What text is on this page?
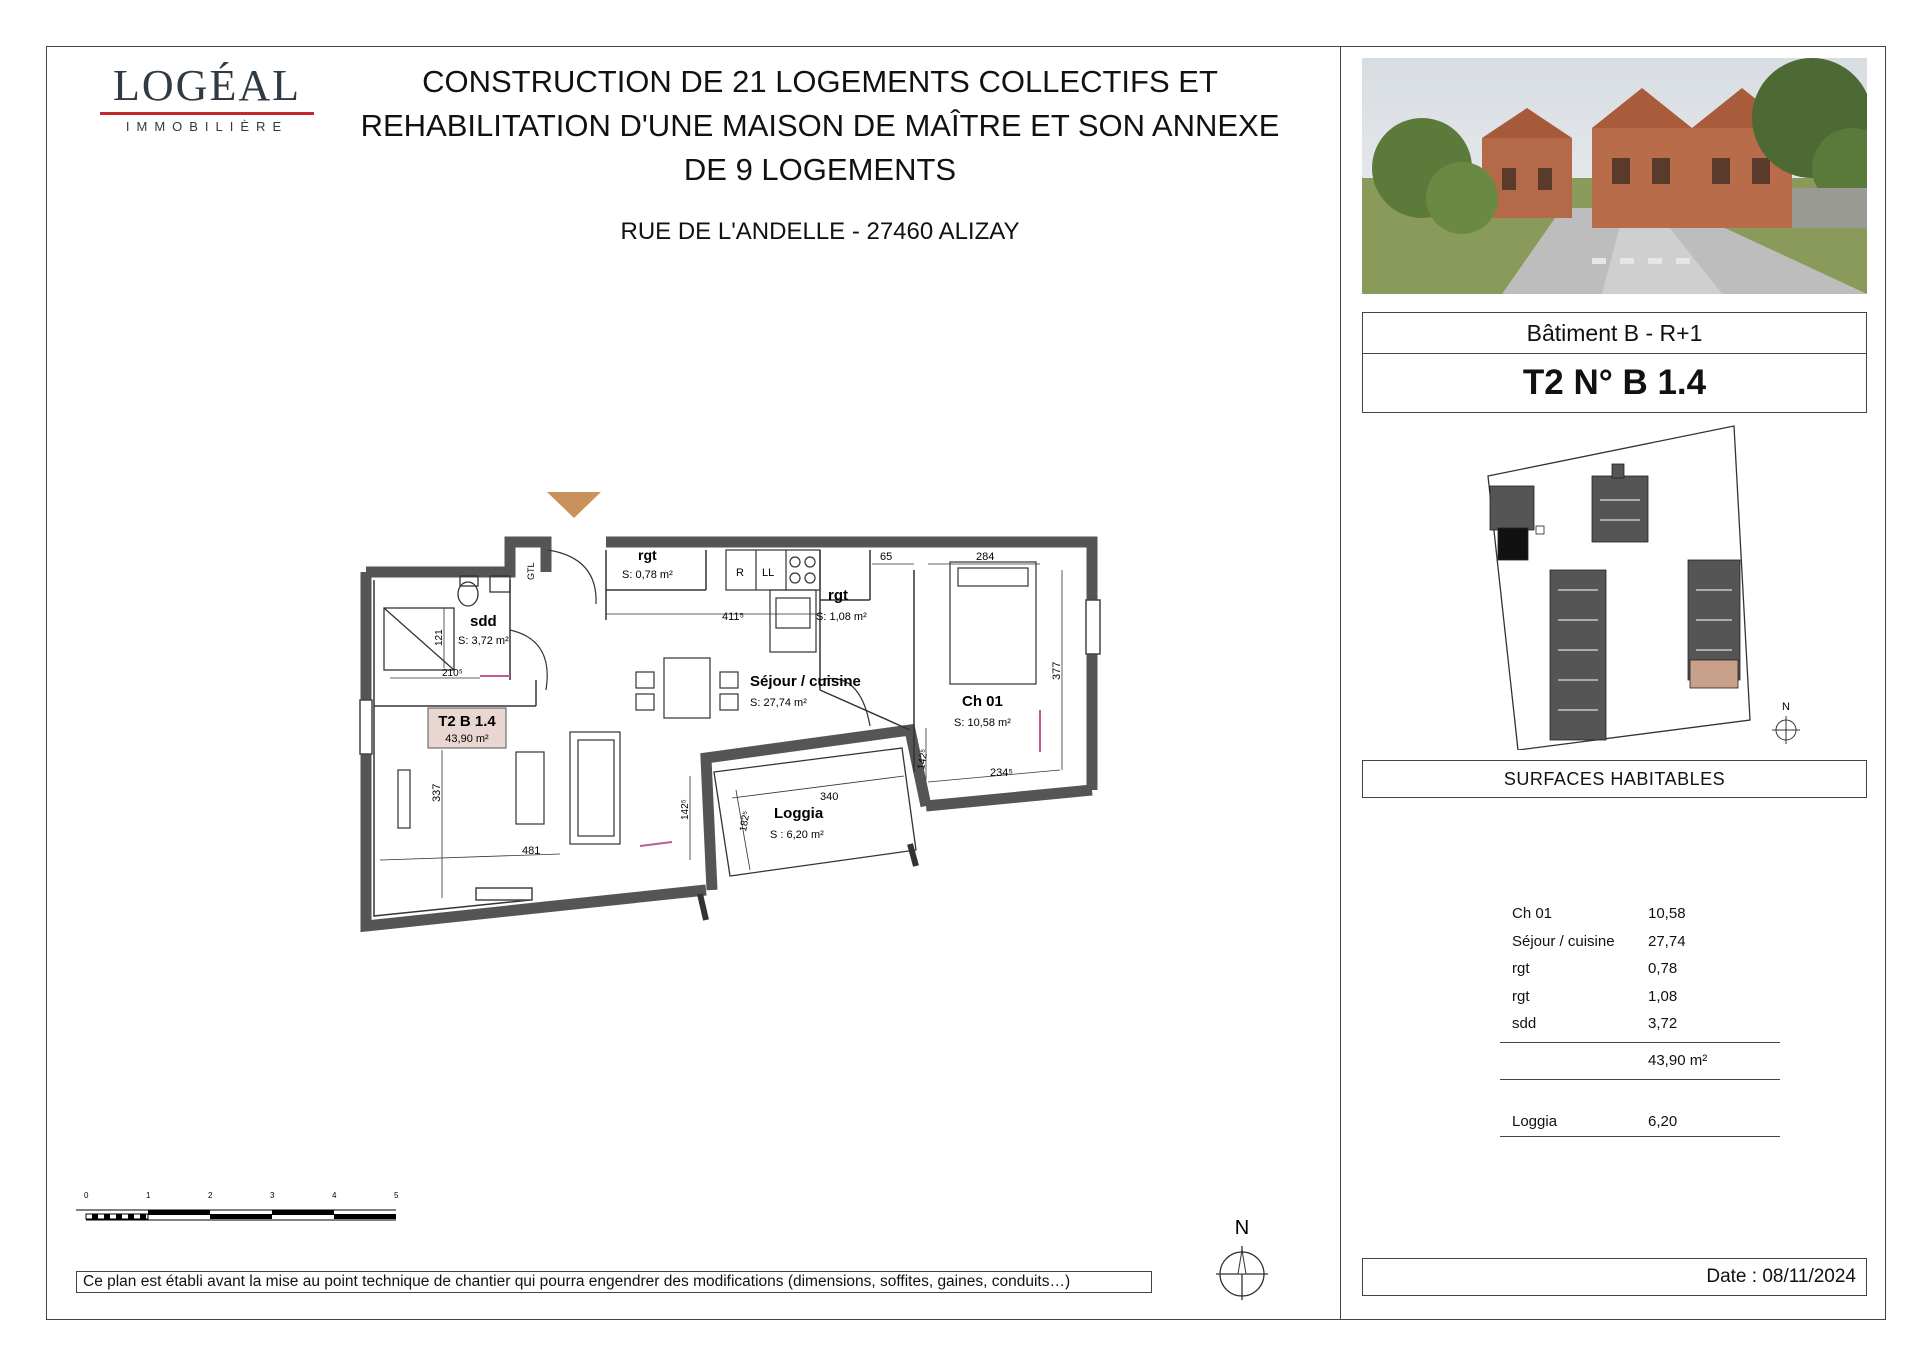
LOGÉAL
IMMOBILIÈRE
CONSTRUCTION DE 21 LOGEMENTS COLLECTIFS ET
REHABILITATION D'UNE MAISON DE MAÎTRE ET SON ANNEXE
DE 9 LOGEMENTS
RUE DE L'ANDELLE - 27460 ALIZAY
R LL
GTL
sdd
S: 3,72 m²
rgt
S: 0,78 m²
rgt
S: 1,08 m²
Séjour / cuisine
S: 27,74 m²	Ch 01
S: 10,58 m²
Loggia
S : 6,20 m²
T2 B 1.4
43,90 m²
411⁵
65	284
377
121
210⁵
337
481
340
182⁵
142⁵
142⁵
234⁵
0	1	2	3	4	5
Ce plan est établi avant la mise au point technique de chantier qui pourra engendrer des modifications (dimensions, soffites, gaines, conduits…)
N
Bâtiment B - R+1
T2 N° B 1.4
N
SURFACES HABITABLES
Ch 01	10,58
Séjour / cuisine 27,74
rgt	0,78
rgt	1,08
sdd	3,72
43,90 m²
Loggia	6,20
Date : 08/11/2024
